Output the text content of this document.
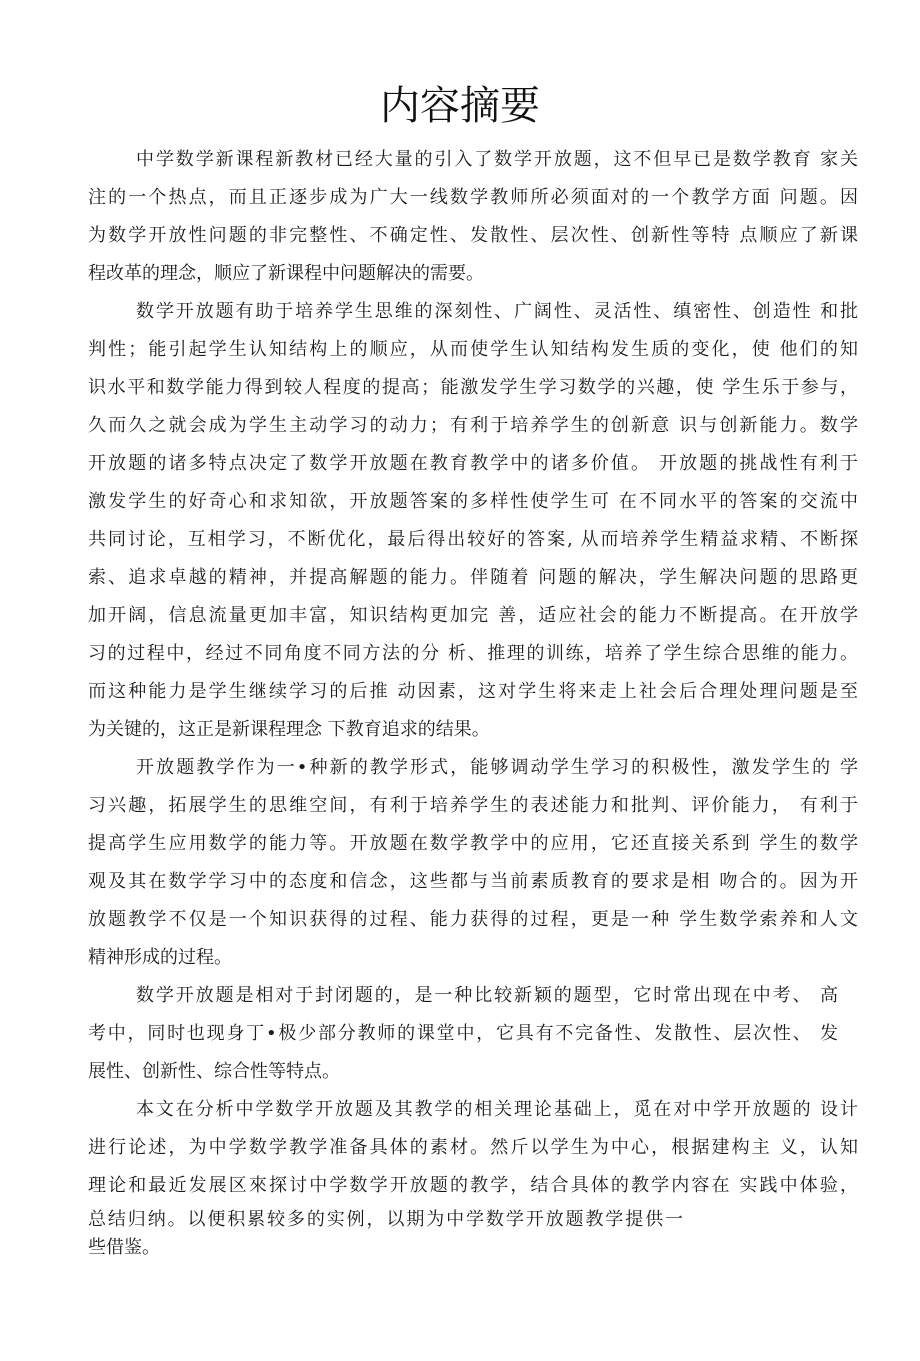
内容摘要
中学数学新课程新教材已经大量的引入了数学开放题，这不但早已是数学教育 家关
注的一个热点，而且正逐步成为广大一线数学教师所必须面对的一个教学方面 问题。因
为数学开放性问题的非完整性、不确定性、发散性、层次性、创新性等特 点顺应了新课
程改革的理念，顺应了新课程中问题解决的需要。
数学开放题有助于培养学生思维的深刻性、广阔性、灵活性、缜密性、创造性 和批
判性；能引起学生认知结构上的顺应，从而使学生认知结构发生质的变化，使 他们的知
识水平和数学能力得到较人程度的提高；能激发学生学习数学的兴趣，使 学生乐于参与，
久而久之就会成为学生主动学习的动力；有利于培养学生的创新意 识与创新能力。数学
开放题的诸多特点决定了数学开放题在教育教学中的诸多价值。 开放题的挑战性有利于
激发学生的好奇心和求知欲，开放题答案的多样性使学生可 在不同水平的答案的交流中
共同讨论，互相学习，不断优化，最后得出较好的答案, 从而培养学生精益求精、不断探
索、追求卓越的精神，并提高解题的能力。伴随着 问题的解决，学生解决问题的思路更
加开阔，信息流量更加丰富，知识结构更加完 善，适应社会的能力不断提高。在开放学
习的过程中，经过不同角度不同方法的分 析、推理的训练，培养了学生综合思维的能力。
而这种能力是学生继续学习的后推 动因素，这对学生将来走上社会后合理处理问题是至
为关键的，这正是新课程理念 下教育追求的结果。
开放题教学作为一•种新的教学形式，能够调动学生学习的积极性，激发学生的 学
习兴趣，拓展学生的思维空间，有利于培养学生的表述能力和批判、评价能力， 有利于
提高学生应用数学的能力等。开放题在数学教学中的应用，它还直接关系到 学生的数学
观及其在数学学习中的态度和信念，这些都与当前素质教育的要求是相 吻合的。因为开
放题教学不仅是一个知识获得的过程、能力获得的过程，更是一种 学生数学索养和人文
精神形成的过程。
数学开放题是相对于封闭题的，是一种比较新颖的题型，它时常出现在中考、 高
考中，同时也现身丁•极少部分教师的课堂中，它具有不完备性、发散性、层次性、 发
展性、创新性、综合性等特点。
本文在分析中学数学开放题及其教学的相关理论基础上，觅在对中学开放题的 设计
进行论述，为中学数学教学准备具体的素材。然斤以学生为中心，根据建构主 义，认知
理论和最近发展区來探讨中学数学开放题的教学，结合具体的教学内容在 实践中体验，
总结归纳。以便积累较多的实例，以期为中学数学开放题教学提供一
些借鉴。
